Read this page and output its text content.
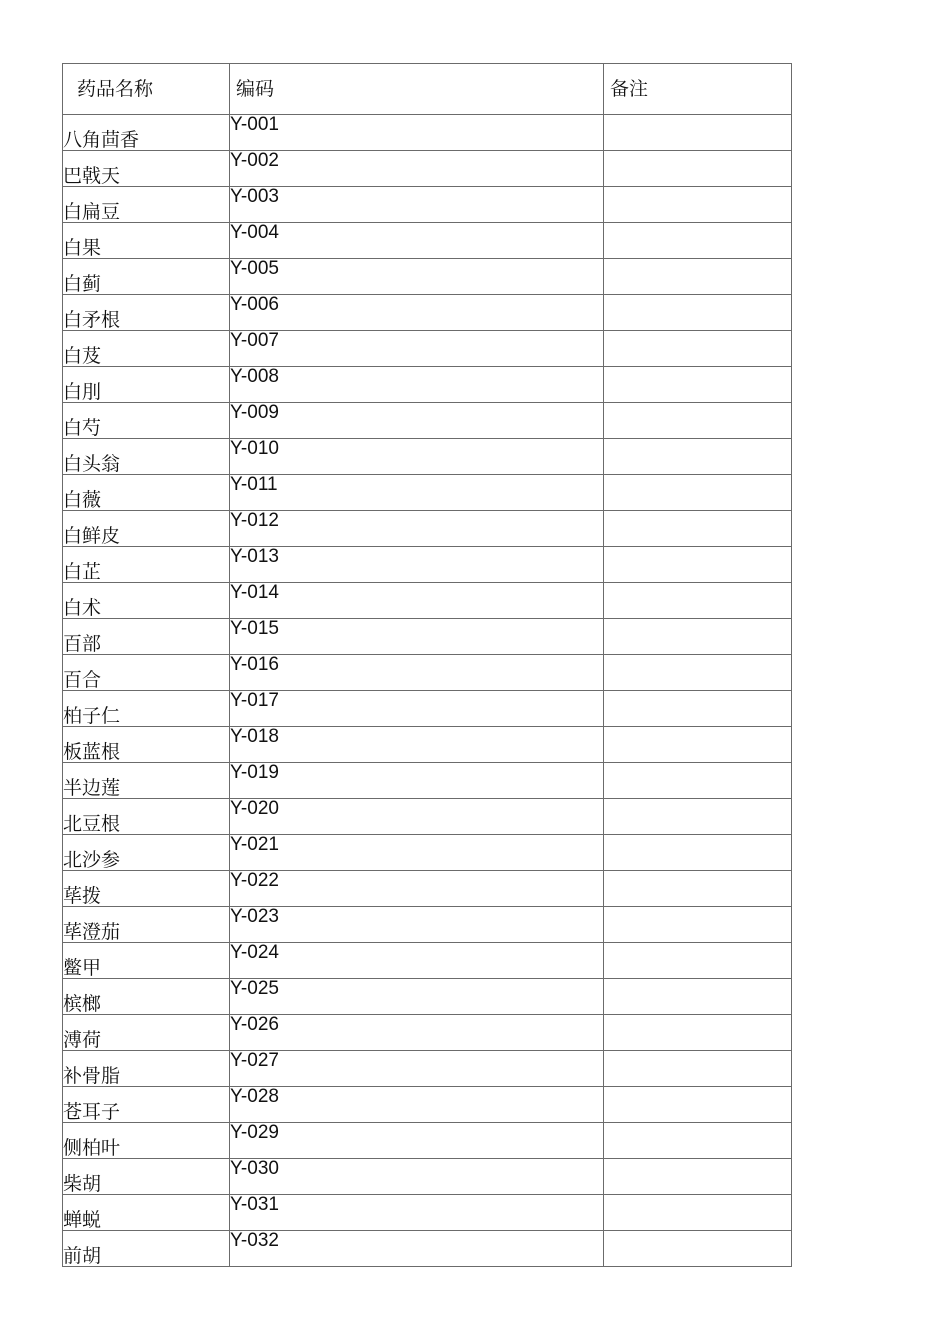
药品名称	编码	备注
八角茴香	Y-001	
巴戟天	Y-002	
白扁豆	Y-003	
白果	Y-004	
白蓟	Y-005	
白矛根	Y-006	
白芨	Y-007	
白刖	Y-008	
白芍	Y-009	
白头翁	Y-010	
白薇	Y-011	
白鲜皮	Y-012	
白芷	Y-013	
白术	Y-014	
百部	Y-015	
百合	Y-016	
柏子仁	Y-017	
板蓝根	Y-018	
半边莲	Y-019	
北豆根	Y-020	
北沙参	Y-021	
荜拨	Y-022	
荜澄茄	Y-023	
鳖甲	Y-024	
槟榔	Y-025	
溥荷	Y-026	
补骨脂	Y-027	
苍耳子	Y-028	
侧柏叶	Y-029	
柴胡	Y-030	
蝉蜕	Y-031	
前胡	Y-032	
